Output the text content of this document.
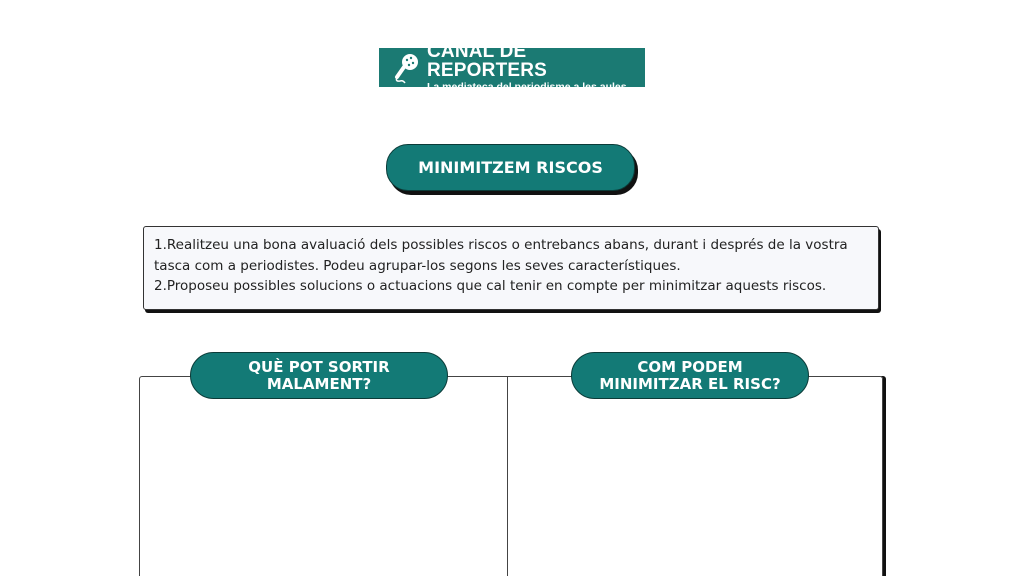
CANAL DE REPORTERS
La mediateca del periodisme a les aules
MINIMITZEM RISCOS

1.Realitzeu una bona avaluació dels possibles riscos o entrebancs abans, durant i després de la vostra

tasca com a periodistes. Podeu agrupar-los segons les seves característiques.

2.Proposeu possibles solucions o actuacions que cal tenir en compte per minimitzar aquests riscos.

QUÈ POT SORTIR
MALAMENT?
COM PODEM
MINIMITZAR EL RISC?
